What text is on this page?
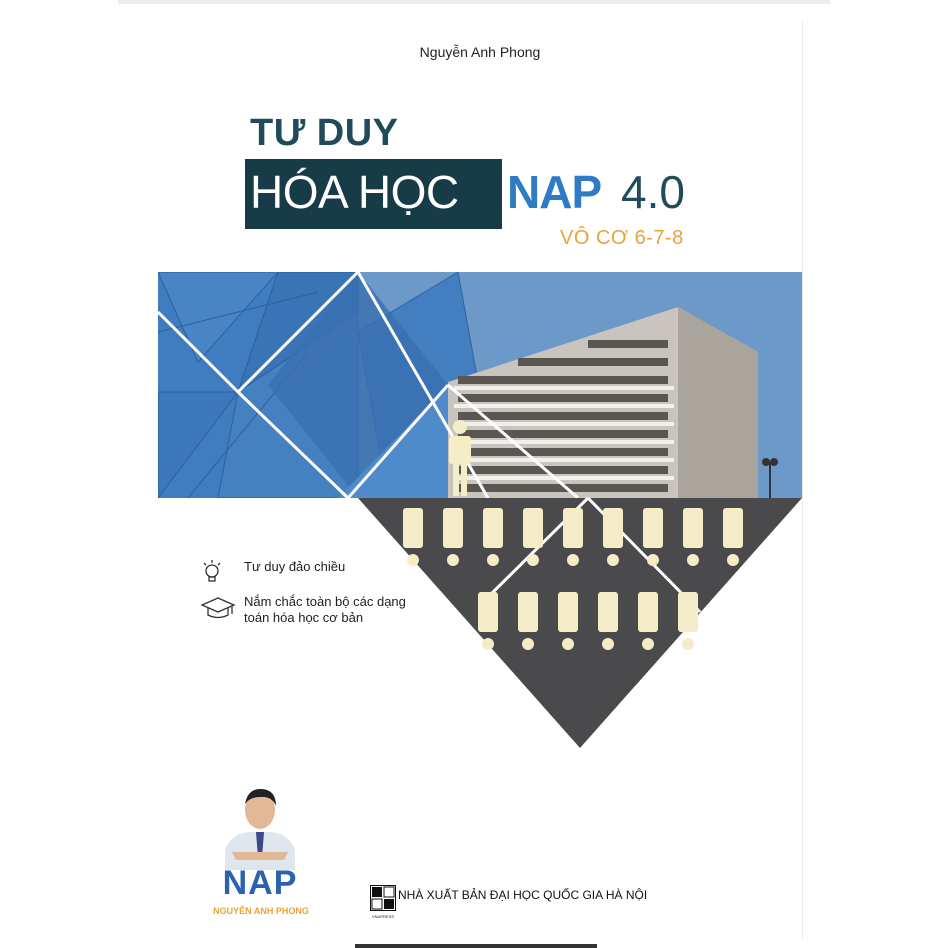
Nguyễn Anh Phong
TƯ DUY
HÓA HỌC NAP 4.0
VÔ CƠ 6-7-8
Tư duy đảo chiều
Nắm chắc toàn bộ các dạng toán hóa học cơ bản
NAP
NGUYỄN ANH PHONG
VNUPRESS
NHÀ XUẤT BẢN ĐẠI HỌC QUỐC GIA HÀ NỘI
